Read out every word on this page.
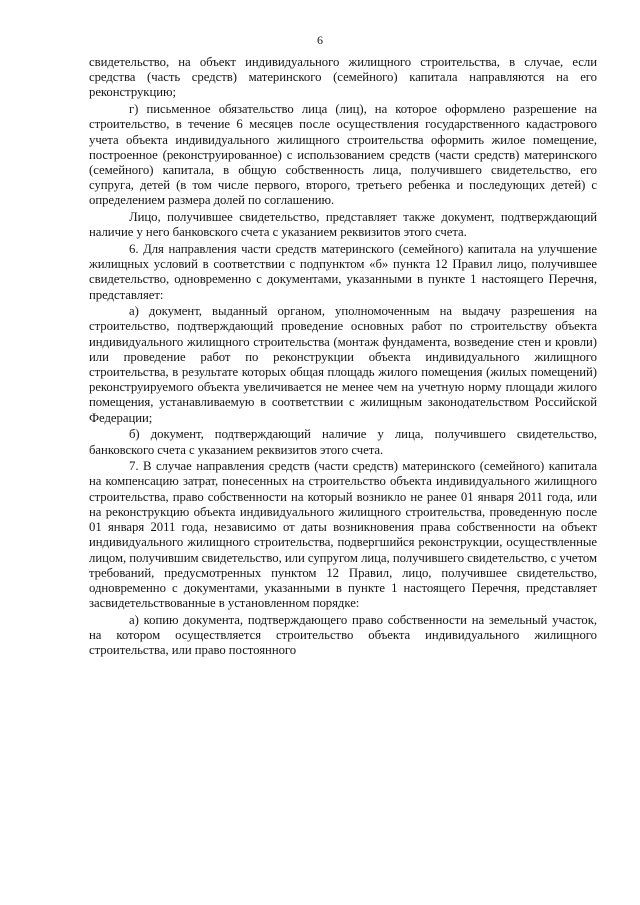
6

свидетельство, на объект индивидуального жилищного строительства, в случае, если средства (часть средств) материнского (семейного) капитала направляются на его реконструкцию;

г) письменное обязательство лица (лиц), на которое оформлено разрешение на строительство, в течение 6 месяцев после осуществления государственного кадастрового учета объекта индивидуального жилищного строительства оформить жилое помещение, построенное (реконструированное) с использованием средств (части средств) материнского (семейного) капитала, в общую собственность лица, получившего свидетельство, его супруга, детей (в том числе первого, второго, третьего ребенка и последующих детей) с определением размера долей по соглашению.

Лицо, получившее свидетельство, представляет также документ, подтверждающий наличие у него банковского счета с указанием реквизитов этого счета.

6. Для направления части средств материнского (семейного) капитала на улучшение жилищных условий в соответствии с подпунктом «б» пункта 12 Правил лицо, получившее свидетельство, одновременно с документами, указанными в пункте 1 настоящего Перечня, представляет:

а) документ, выданный органом, уполномоченным на выдачу разрешения на строительство, подтверждающий проведение основных работ по строительству объекта индивидуального жилищного строительства (монтаж фундамента, возведение стен и кровли) или проведение работ по реконструкции объекта индивидуального жилищного строительства, в результате которых общая площадь жилого помещения (жилых помещений) реконструируемого объекта увеличивается не менее чем на учетную норму площади жилого помещения, устанавливаемую в соответствии с жилищным законодательством Российской Федерации;

б) документ, подтверждающий наличие у лица, получившего свидетельство, банковского счета с указанием реквизитов этого счета.

7. В случае направления средств (части средств) материнского (семейного) капитала на компенсацию затрат, понесенных на строительство объекта индивидуального жилищного строительства, право собственности на который возникло не ранее 01 января 2011 года, или на реконструкцию объекта индивидуального жилищного строительства, проведенную после 01 января 2011 года, независимо от даты возникновения права собственности на объект индивидуального жилищного строительства, подвергшийся реконструкции, осуществленные лицом, получившим свидетельство, или супругом лица, получившего свидетельство, с учетом требований, предусмотренных пунктом 12 Правил, лицо, получившее свидетельство, одновременно с документами, указанными в пункте 1 настоящего Перечня, представляет засвидетельствованные в установленном порядке:

а) копию документа, подтверждающего право собственности на земельный участок, на котором осуществляется строительство объекта индивидуального жилищного строительства, или право постоянного
